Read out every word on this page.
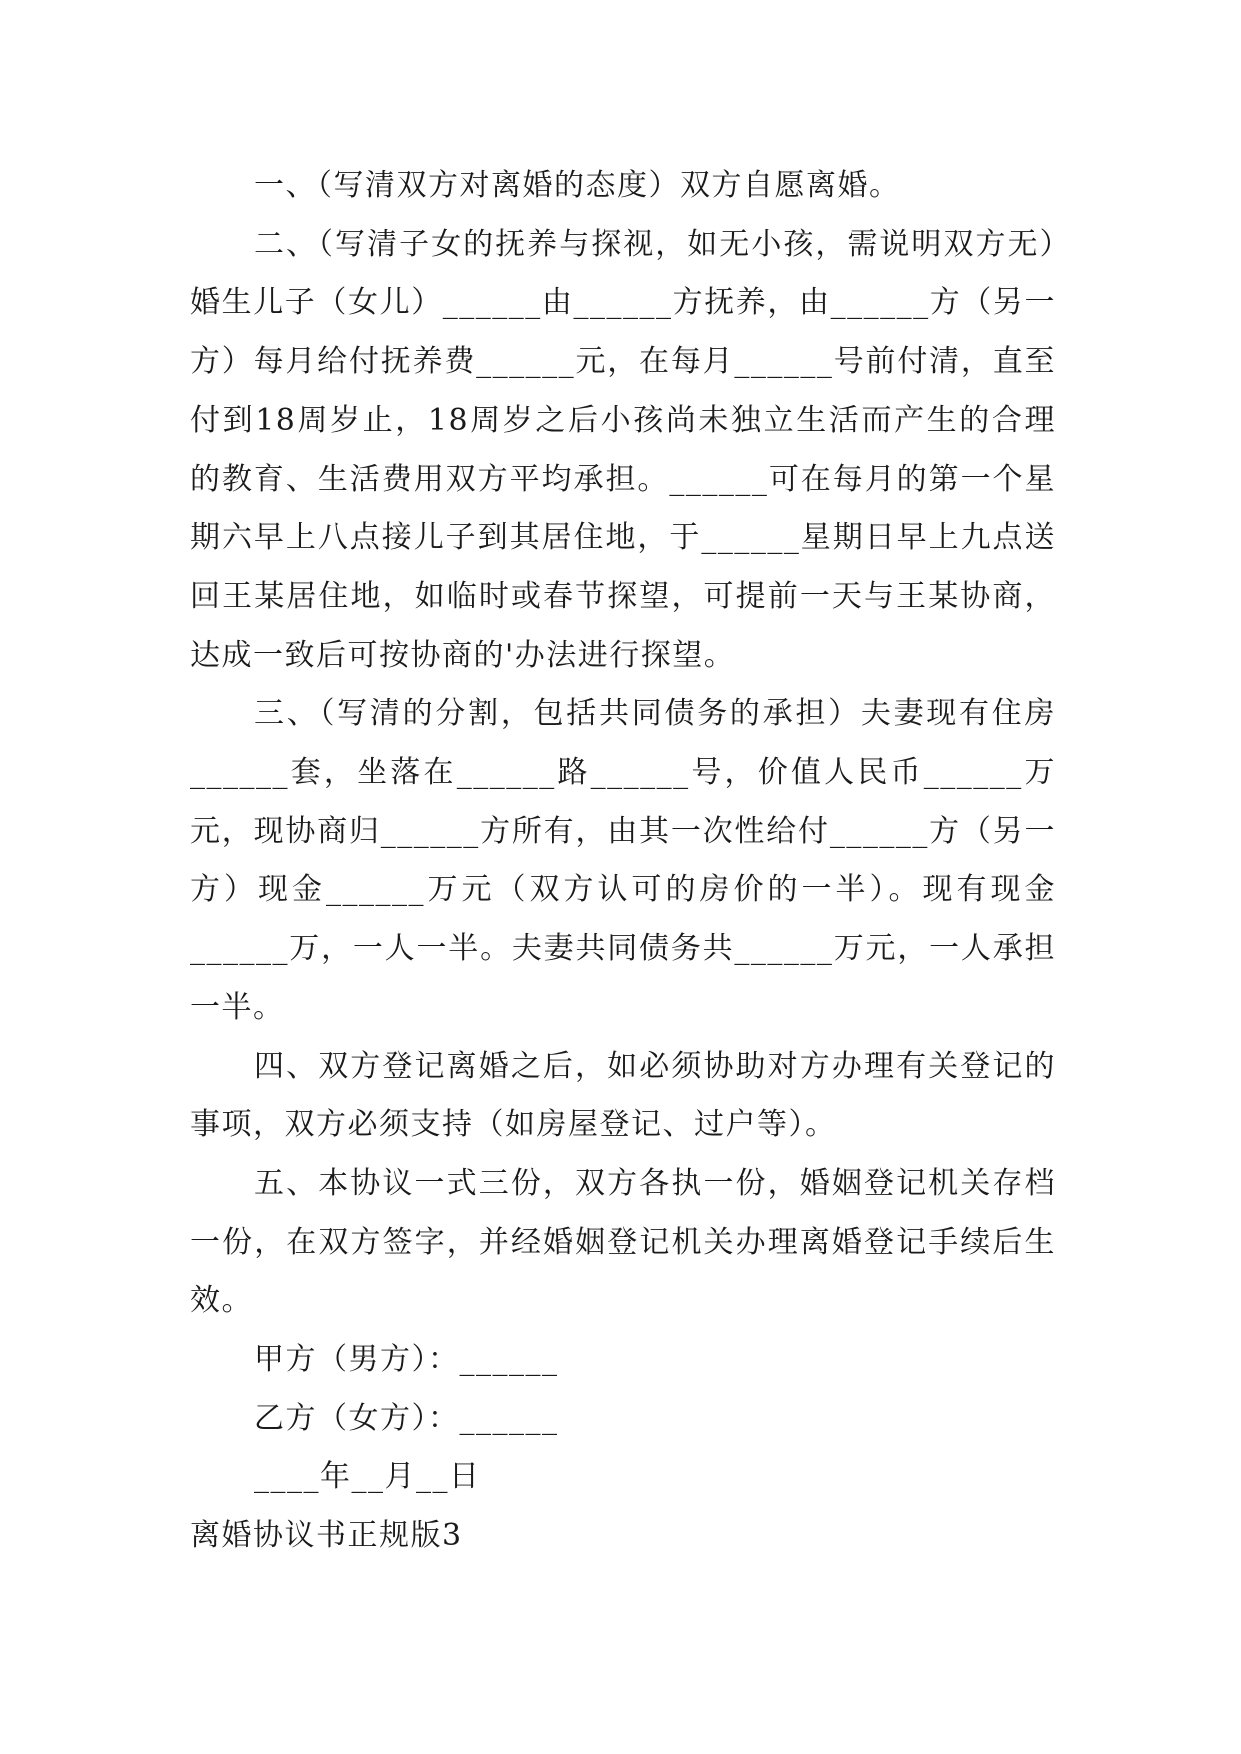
一、（写清双方对离婚的态度）双方自愿离婚。

二、（写清子女的抚养与探视，如无小孩，需说明双方无）婚生儿子（女儿）______由______方抚养，由______方（另一方）每月给付抚养费______元，在每月______号前付清，直至付到18周岁止，18周岁之后小孩尚未独立生活而产生的合理的教育、生活费用双方平均承担。______可在每月的第一个星期六早上八点接儿子到其居住地，于______星期日早上九点送回王某居住地，如临时或春节探望，可提前一天与王某协商，达成一致后可按协商的'办法进行探望。

三、（写清的分割，包括共同债务的承担）夫妻现有住房______套，坐落在______路______号，价值人民币______万元，现协商归______方所有，由其一次性给付______方（另一方）现金______万元（双方认可的房价的一半）。现有现金______万，一人一半。夫妻共同债务共______万元，一人承担一半。

四、双方登记离婚之后，如必须协助对方办理有关登记的事项，双方必须支持（如房屋登记、过户等）。

五、本协议一式三份，双方各执一份，婚姻登记机关存档一份，在双方签字，并经婚姻登记机关办理离婚登记手续后生效。

甲方（男方）：______

乙方（女方）：______

____年__月__日

离婚协议书正规版3
